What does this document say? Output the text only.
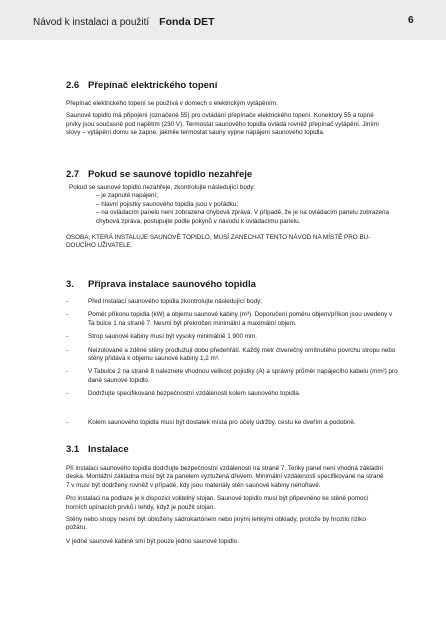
Návod k instalaci a použití Fonda DET	6
2.6 Přepínač elektrického topení

Přepínač elektrického topení se používá v domech s elektrickým vytápěním.

Saunové topidlo má připojení (označené 55) pro ovládání přepínače elektrického topení. Konektory 55 a topné

prvky jsou současně pod napětím (230 V). Termostat saunového topidla ovládá rovněž přepínač vytápění. Jiními

slovy – vytápění domu se zapne, jakmile termostat sauny vypne napájení saunového topidla.

2.7 Pokud se saunové topidlo nezahřeje

Pokud se saunové topidlo nezahřeje, zkontrolujte následující body:

– je zapnuté napájení;

– hlavní pojistky saunového topidla jsou v pořádku;

– na ovládacím panelu není zobrazena chybová zpráva. V případě, že je na ovládacím panelu zobrazena

chybová zpráva, postupujte podle pokynů v návodu k ovládacímu panelu.

OSOBA, KTERÁ INSTALUJE SAUNOVÉ TOPIDLO, MUSÍ ZANECHAT TENTO NÁVOD NA MÍSTĚ PRO BU-

DOUCÍHO UŽIVATELE.

3. Příprava instalace saunového topidla
-	Před instalací saunového topidla zkontrolujte následující body:
-	Poměr příkonu topidla (kW) a objemu saunové kabiny (m³). Doporučení poměru objem/příkon jsou uvedeny v
Ta bulce 1 na straně 7. Nesmí být překročen minimální a maximální objem.
-	Strop saunové kabiny musí být vysoký minimálně 1 900 mm.
-	Neizolované a zděné stěny prodlužují dobu předehřátí. Každý metr čtverečný omítnutého povrchu stropu nebo
stěny přidává k objemu saunové kabiny 1,2 m³.
-	V Tabulce 2 na straně 8 naleznete vhodnou velikost pojistky (A) a správný průměr napájecího kabelu (mm²) pro
dané saunové topidlo.
-	Dodržujte specifikované bezpečnostní vzdálenosti kolem saunového topidla.
-	Kolem saunového topidla musí být dostatek místa pro účely údržby, cestu ke dveřím a podobně.
3.1 Instalace

Při instalaci saunového topidla dodržujte bezpečnostní vzdálenosti na straně 7. Teriky panel není vhodná základní

deska. Montážní základna musí být za panelem vyztužená dřevem. Minimální vzdálenosti specifikované na straně

7 v musí být dodrženy rovněž v případě, kdy jsou materiály stěn saunové kabiny nehořlavé.

Pro instalaci na podlaze je k dispozici volitelný stojan. Saunové topidlo musí být připevněno ke stěně pomocí

horních upínacích prvků i tehdy, když je použit stojan.

Stěny nebo stropy nesmí být obloženy sádrokartónem nebo jinými lehkými obklady, protože by hrozilo riziko

požáru.

V jedné saunové kabině smí být pouze jedno saunové topidlo.
